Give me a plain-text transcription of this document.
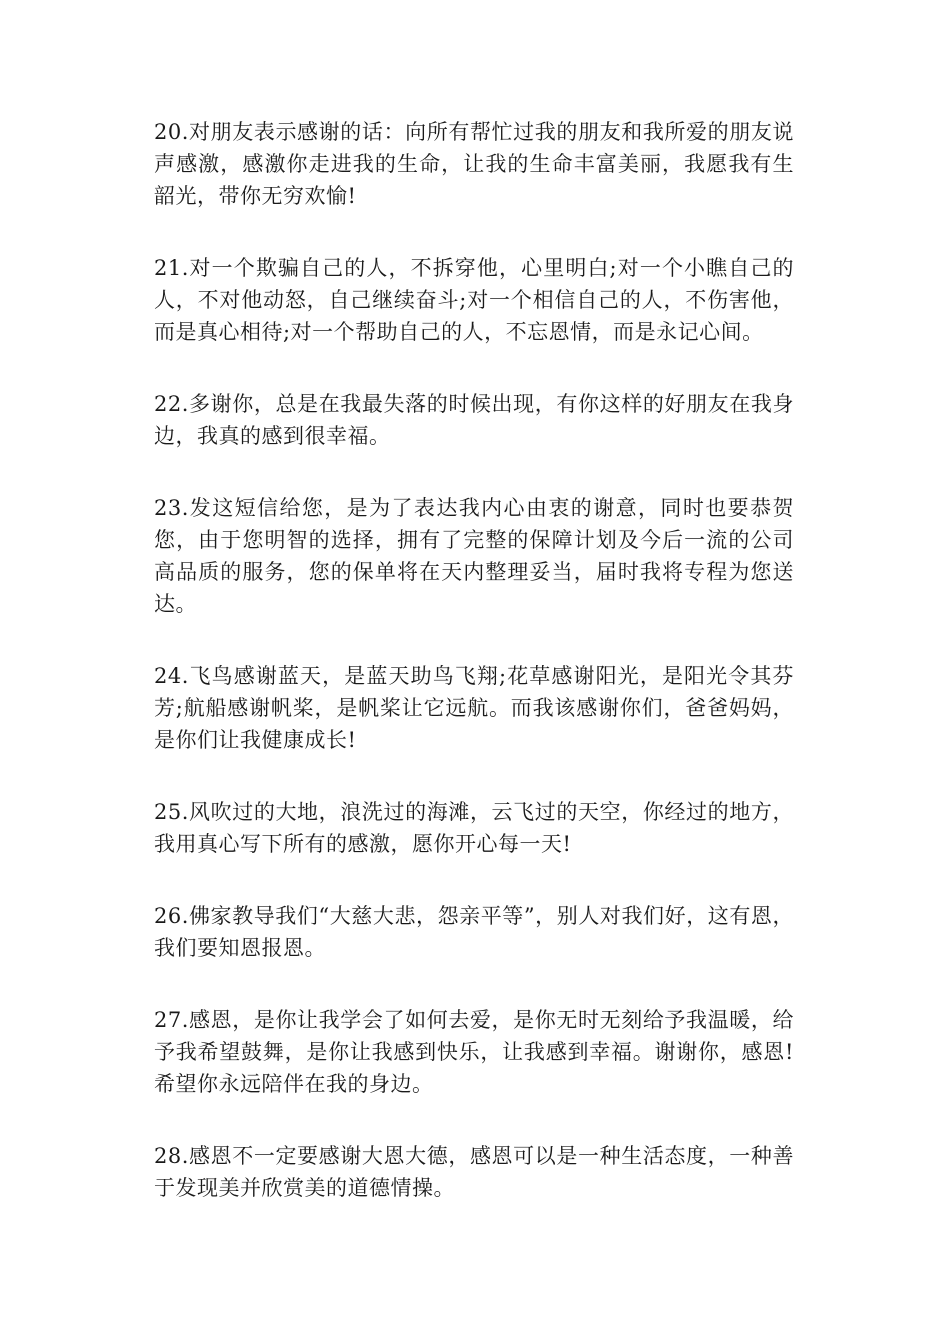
20.对朋友表示感谢的话：向所有帮忙过我的朋友和我所爱的朋友说声感激，感激你走进我的生命，让我的生命丰富美丽，我愿我有生韶光，带你无穷欢愉!

21.对一个欺骗自己的人，不拆穿他，心里明白;对一个小瞧自己的人，不对他动怒，自己继续奋斗;对一个相信自己的人，不伤害他，而是真心相待;对一个帮助自己的人，不忘恩情，而是永记心间。

22.多谢你，总是在我最失落的时候出现，有你这样的好朋友在我身边，我真的感到很幸福。

23.发这短信给您，是为了表达我内心由衷的谢意，同时也要恭贺您，由于您明智的选择，拥有了完整的保障计划及今后一流的公司高品质的服务，您的保单将在天内整理妥当，届时我将专程为您送达。

24.飞鸟感谢蓝天，是蓝天助鸟飞翔;花草感谢阳光，是阳光令其芬芳;航船感谢帆桨，是帆桨让它远航。而我该感谢你们，爸爸妈妈，是你们让我健康成长!

25.风吹过的大地，浪洗过的海滩，云飞过的天空，你经过的地方，我用真心写下所有的感激，愿你开心每一天!

26.佛家教导我们“大慈大悲，怨亲平等”，别人对我们好，这有恩，我们要知恩报恩。

27.感恩，是你让我学会了如何去爱，是你无时无刻给予我温暖，给予我希望鼓舞，是你让我感到快乐，让我感到幸福。谢谢你，感恩!希望你永远陪伴在我的身边。

28.感恩不一定要感谢大恩大德，感恩可以是一种生活态度，一种善于发现美并欣赏美的道德情操。
